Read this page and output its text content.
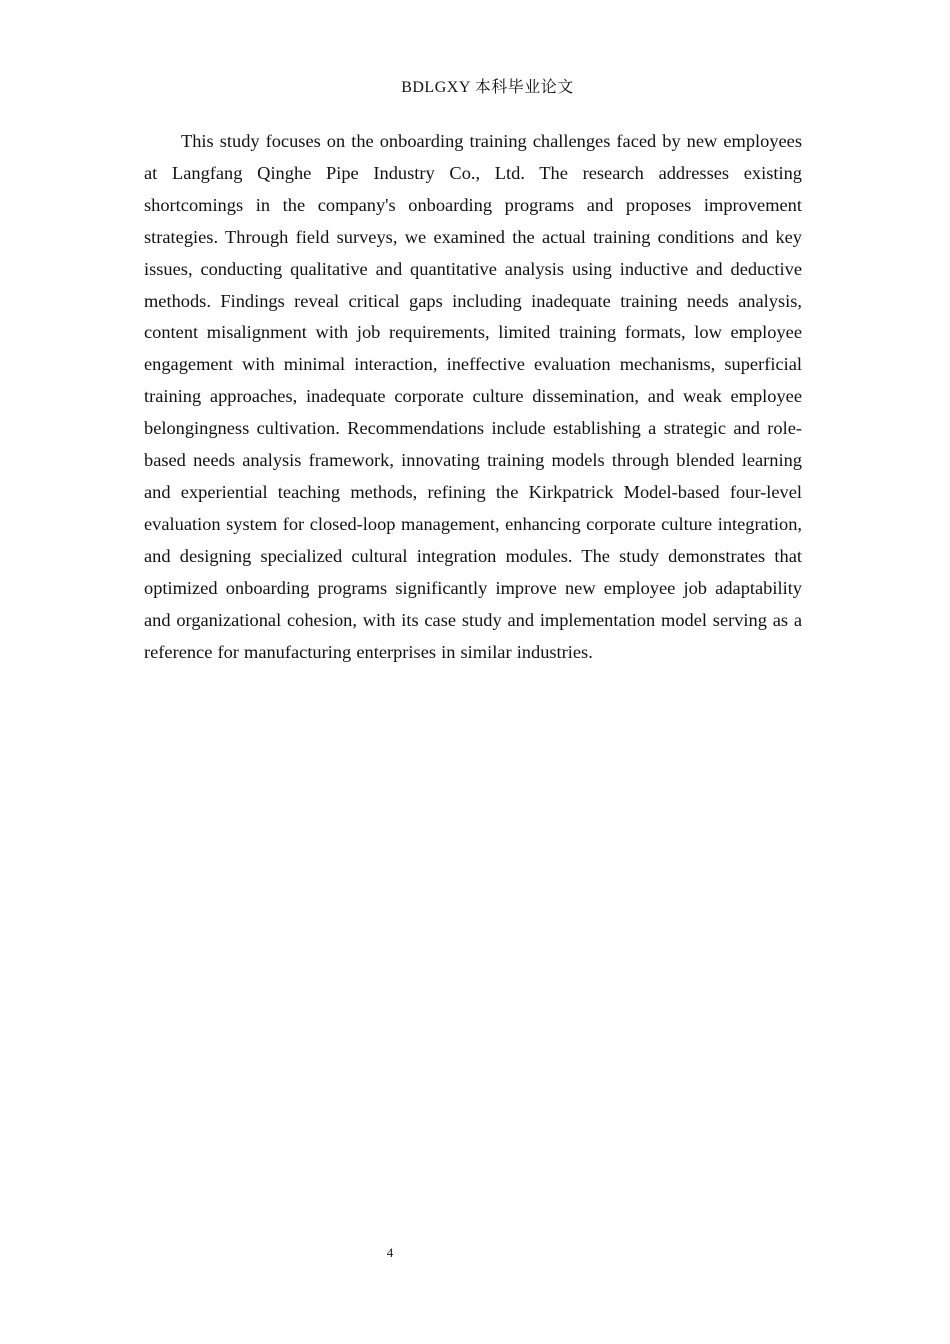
BDLGXY 本科毕业论文

This study focuses on the onboarding training challenges faced by new employees at Langfang Qinghe Pipe Industry Co., Ltd. The research addresses existing shortcomings in the company's onboarding programs and proposes improvement strategies. Through field surveys, we examined the actual training conditions and key issues, conducting qualitative and quantitative analysis using inductive and deductive methods. Findings reveal critical gaps including inadequate training needs analysis, content misalignment with job requirements, limited training formats, low employee engagement with minimal interaction, ineffective evaluation mechanisms, superficial training approaches, inadequate corporate culture dissemination, and weak employee belongingness cultivation. Recommendations include establishing a strategic and role-based needs analysis framework, innovating training models through blended learning and experiential teaching methods, refining the Kirkpatrick Model-based four-level evaluation system for closed-loop management, enhancing corporate culture integration, and designing specialized cultural integration modules. The study demonstrates that optimized onboarding programs significantly improve new employee job adaptability and organizational cohesion, with its case study and implementation model serving as a reference for manufacturing enterprises in similar industries.

4
